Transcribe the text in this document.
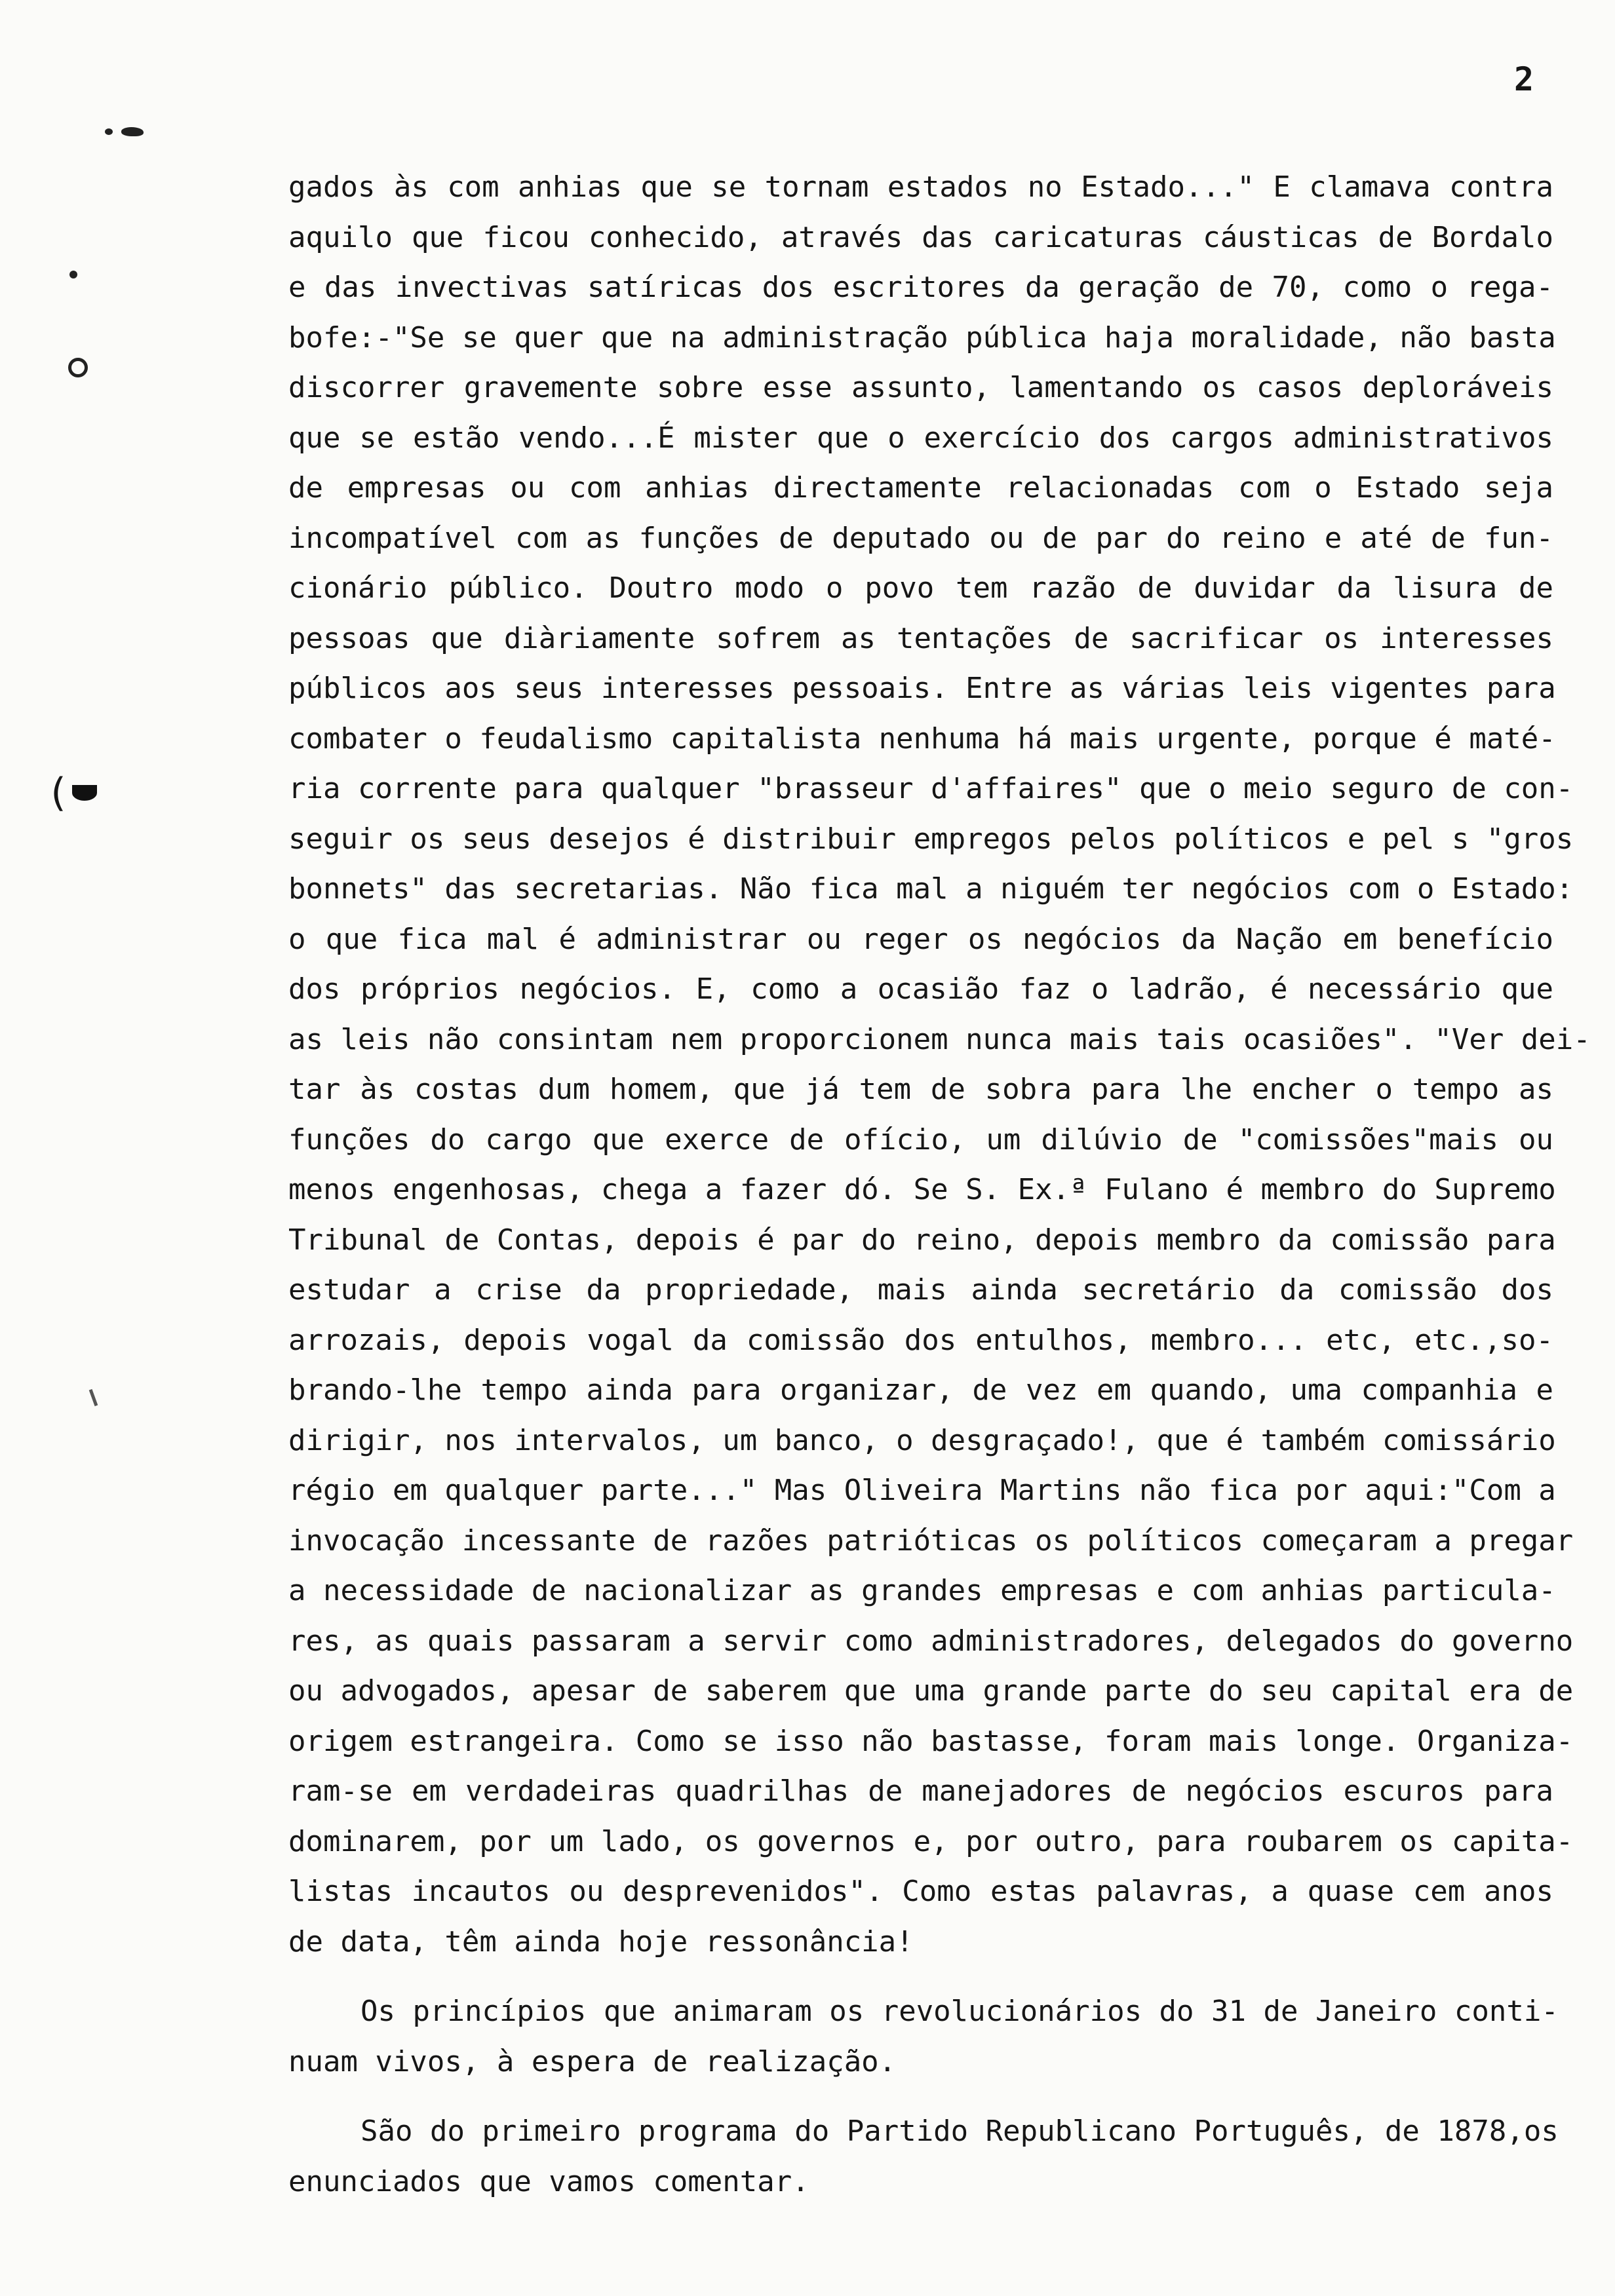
2
(
gados às com anhias que se tornam estados no Estado..." E clamava contra
aquilo que ficou conhecido, através das caricaturas cáusticas de Bordalo
e das invectivas satíricas dos escritores da geração de 70, como o rega-
bofe:-"Se se quer que na administração pública haja moralidade, não basta
discorrer gravemente sobre esse assunto, lamentando os casos deploráveis
que se estão vendo...É mister que o exercício dos cargos administrativos
de empresas ou com anhias directamente relacionadas com o Estado seja
incompatível com as funções de deputado ou de par do reino e até de fun-
cionário público. Doutro modo o povo tem razão de duvidar da lisura de
pessoas que diàriamente sofrem as tentações de sacrificar os interesses
públicos aos seus interesses pessoais. Entre as várias leis vigentes para
combater o feudalismo capitalista nenhuma há mais urgente, porque é maté-
ria corrente para qualquer "brasseur d'affaires" que o meio seguro de con-
seguir os seus desejos é distribuir empregos pelos políticos e pel s "gros
bonnets" das secretarias. Não fica mal a niguém ter negócios com o Estado:
o que fica mal é administrar ou reger os negócios da Nação em benefício
dos próprios negócios. E, como a ocasião faz o ladrão, é necessário que
as leis não consintam nem proporcionem nunca mais tais ocasiões". "Ver dei-
tar às costas dum homem, que já tem de sobra para lhe encher o tempo as
funções do cargo que exerce de ofício, um dilúvio de "comissões"mais ou
menos engenhosas, chega a fazer dó. Se S. Ex.ª Fulano é membro do Supremo
Tribunal de Contas, depois é par do reino, depois membro da comissão para
estudar a crise da propriedade, mais ainda secretário da comissão dos
arrozais, depois vogal da comissão dos entulhos, membro... etc, etc.,so-
brando-lhe tempo ainda para organizar, de vez em quando, uma companhia e
dirigir, nos intervalos, um banco, o desgraçado!, que é também comissário
régio em qualquer parte..." Mas Oliveira Martins não fica por aqui:"Com a
invocação incessante de razões patrióticas os políticos começaram a pregar
a necessidade de nacionalizar as grandes empresas e com anhias particula-
res, as quais passaram a servir como administradores, delegados do governo
ou advogados, apesar de saberem que uma grande parte do seu capital era de
origem estrangeira. Como se isso não bastasse, foram mais longe. Organiza-
ram-se em verdadeiras quadrilhas de manejadores de negócios escuros para
dominarem, por um lado, os governos e, por outro, para roubarem os capita-
listas incautos ou desprevenidos". Como estas palavras, a quase cem anos
de data, têm ainda hoje ressonância!
Os princípios que animaram os revolucionários do 31 de Janeiro conti-
nuam vivos, à espera de realização.
São do primeiro programa do Partido Republicano Português, de 1878,os
enunciados que vamos comentar.
